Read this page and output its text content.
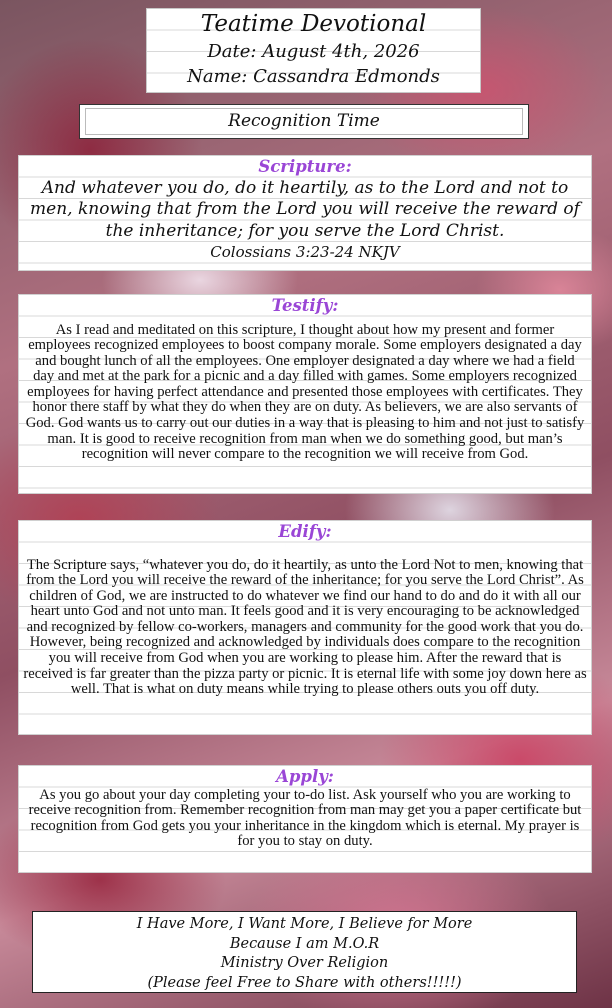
Teatime Devotional
Date: August 4th, 2026
Name: Cassandra Edmonds
Recognition Time
Scripture:
And whatever you do, do it heartily, as to the Lord and not to men, knowing that from the Lord you will receive the reward of the inheritance; for you serve the Lord Christ.
Colossians 3:23-24 NKJV
Testify:
As I read and meditated on this scripture, I thought about how my present and former employees recognized employees to boost company morale. Some employers designated a day and bought lunch of all the employees. One employer designated a day where we had a field day and met at the park for a picnic and a day filled with games. Some employers recognized employees for having perfect attendance and presented those employees with certificates. They honor there staff by what they do when they are on duty. As believers, we are also servants of God. God wants us to carry out our duties in a way that is pleasing to him and not just to satisfy man. It is good to receive recognition from man when we do something good, but man’s recognition will never compare to the recognition we will receive from God.
Edify:
The Scripture says, “whatever you do, do it heartily, as unto the Lord Not to men, knowing that from the Lord you will receive the reward of the inheritance; for you serve the Lord Christ”. As children of God, we are instructed to do whatever we find our hand to do and do it with all our heart unto God and not unto man. It feels good and it is very encouraging to be acknowledged and recognized by fellow co-workers, managers and community for the good work that you do. However, being recognized and acknowledged by individuals does compare to the recognition you will receive from God when you are working to please him. After the reward that is received is far greater than the pizza party or picnic. It is eternal life with some joy down here as well. That is what on duty means while trying to please others outs you off duty.
Apply:
As you go about your day completing your to-do list. Ask yourself who you are working to receive recognition from. Remember recognition from man may get you a paper certificate but recognition from God gets you your inheritance in the kingdom which is eternal. My prayer is for you to stay on duty.
I Have More, I Want More, I Believe for More
Because I am M.O.R
Ministry Over Religion
(Please feel Free to Share with others!!!!!)
